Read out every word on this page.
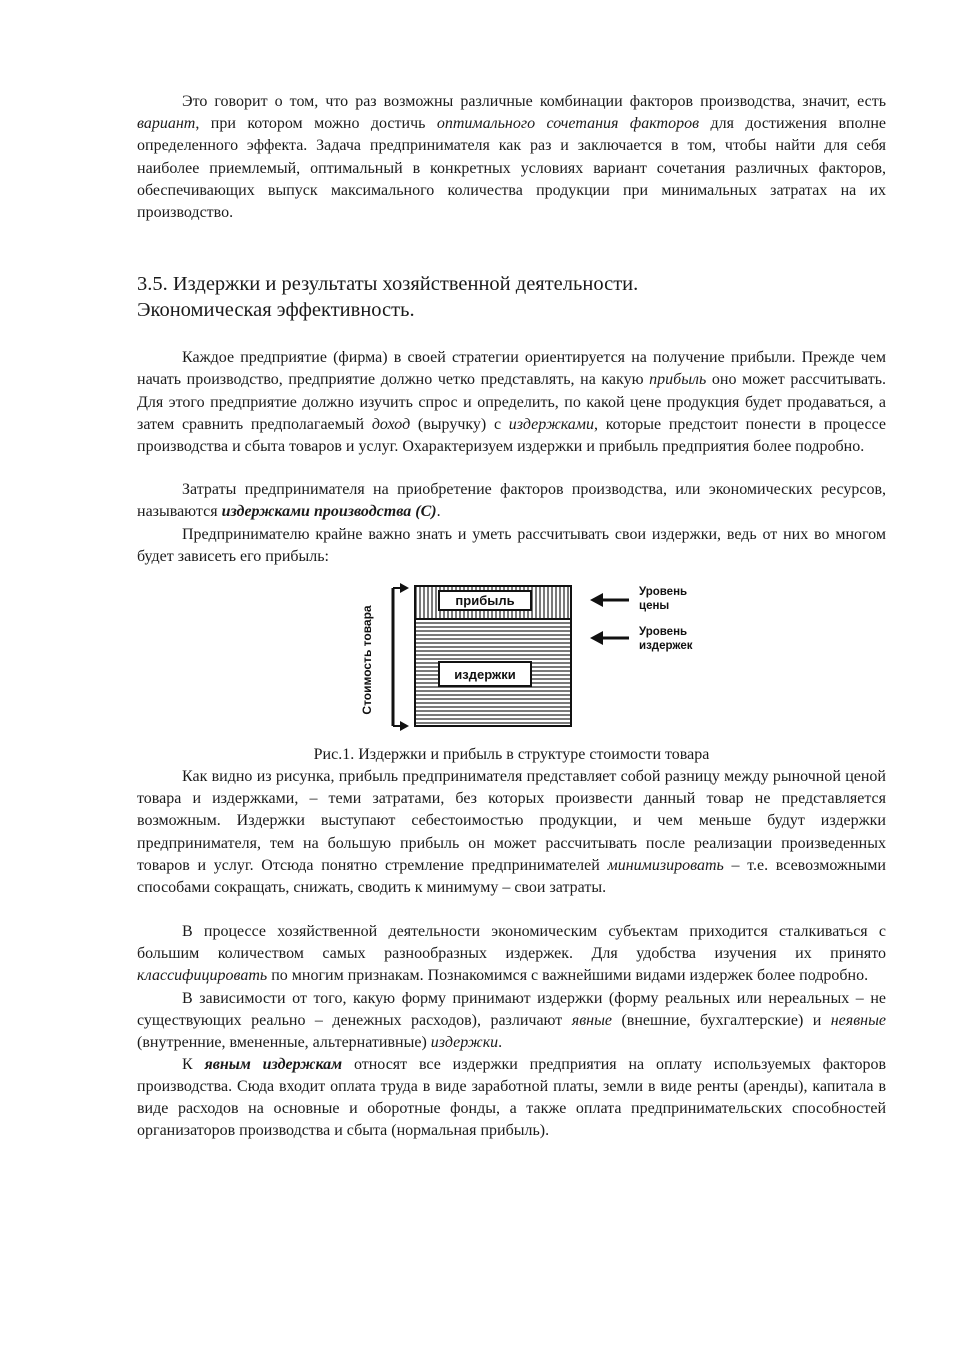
Это говорит о том, что раз возможны различные комбинации факторов производства, значит, есть вариант, при котором можно достичь оптимального сочетания факторов для достижения вполне определенного эффекта. Задача предпринимателя как раз и заключается в том, чтобы найти для себя наиболее приемлемый, оптимальный в конкретных условиях вариант сочетания различных факторов, обеспечивающих выпуск максимального количества продукции при минимальных затратах на их производство.

3.5. Издержки и результаты хозяйственной деятельности.
Экономическая эффективность.

Каждое предприятие (фирма) в своей стратегии ориентируется на получение прибыли. Прежде чем начать производство, предприятие должно четко представлять, на какую прибыль оно может рассчитывать. Для этого предприятие должно изучить спрос и определить, по какой цене продукция будет продаваться, а затем сравнить предполагаемый доход (выручку) с издержками, которые предстоит понести в процессе производства и сбыта товаров и услуг. Охарактеризуем издержки и прибыль предприятия более подробно.

Затраты предпринимателя на приобретение факторов производства, или экономических ресурсов, называются издержками производства (С).

Предпринимателю крайне важно знать и уметь рассчитывать свои издержки, ведь от них во многом будет зависеть его прибыль:

Стоимость товара
прибыль
издержки
Уровень цены
Уровень издержек

Рис.1. Издержки и прибыль в структуре стоимости товара

Как видно из рисунка, прибыль предпринимателя представляет собой разницу между рыночной ценой товара и издержками, – теми затратами, без которых произвести данный товар не представляется возможным. Издержки выступают себестоимостью продукции, и чем меньше будут издержки предпринимателя, тем на большую прибыль он может рассчитывать после реализации произведенных товаров и услуг. Отсюда понятно стремление предпринимателей минимизировать – т.е. всевозможными способами сокращать, снижать, сводить к минимуму – свои затраты.

В процессе хозяйственной деятельности экономическим субъектам приходится сталкиваться с большим количеством самых разнообразных издержек. Для удобства изучения их принято классифицировать по многим признакам. Познакомимся с важнейшими видами издержек более подробно.

В зависимости от того, какую форму принимают издержки (форму реальных или нереальных – не существующих реально – денежных расходов), различают явные (внешние, бухгалтерские) и неявные (внутренние, вмененные, альтернативные) издержки.

К явным издержкам относят все издержки предприятия на оплату используемых факторов производства. Сюда входит оплата труда в виде заработной платы, земли в виде ренты (аренды), капитала в виде расходов на основные и оборотные фонды, а также оплата предпринимательских способностей организаторов производства и сбыта (нормальная прибыль).
